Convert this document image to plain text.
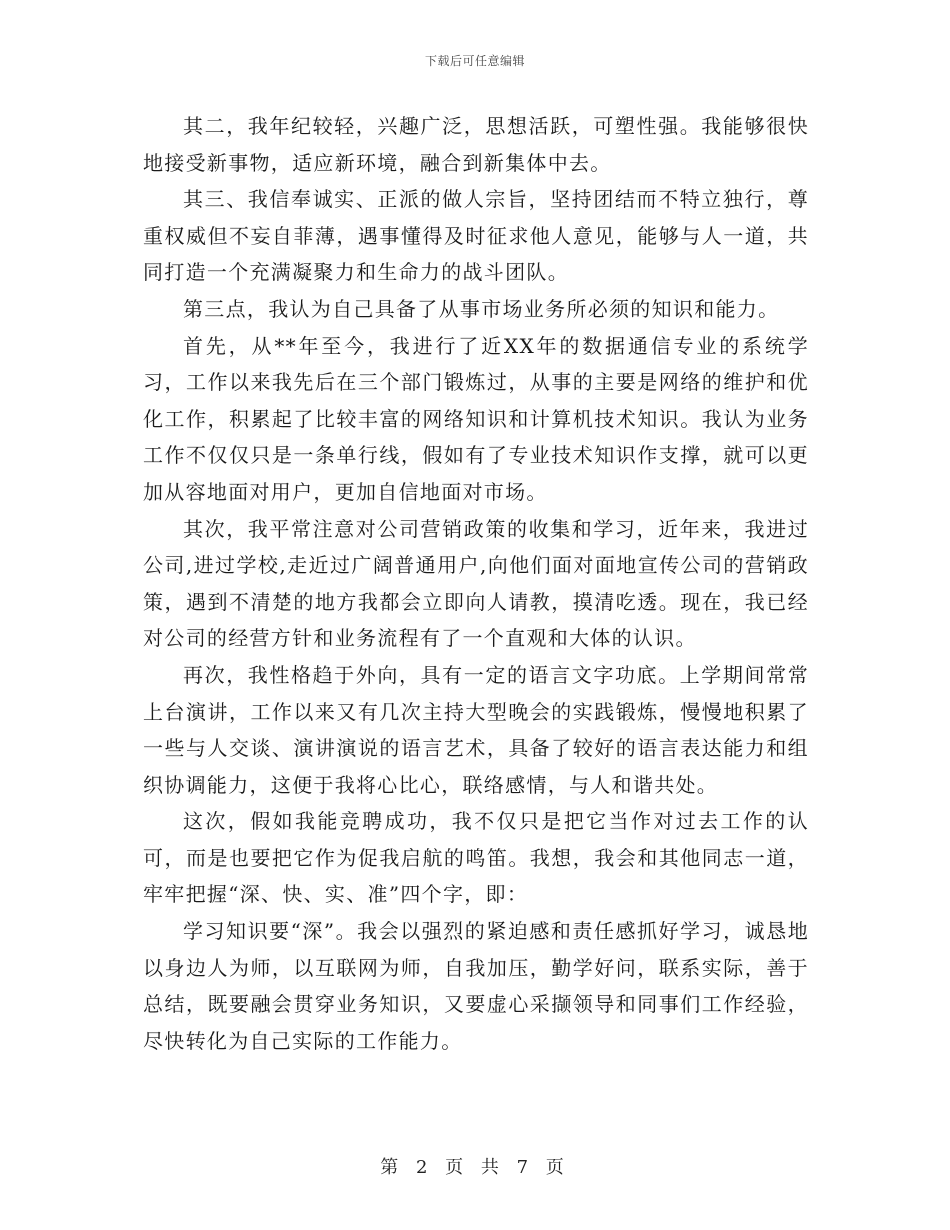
下载后可任意编辑

其二，我年纪较轻，兴趣广泛，思想活跃，可塑性强。我能够很快地接受新事物，适应新环境，融合到新集体中去。

其三、我信奉诚实、正派的做人宗旨，坚持团结而不特立独行，尊重权威但不妄自菲薄，遇事懂得及时征求他人意见，能够与人一道，共同打造一个充满凝聚力和生命力的战斗团队。

第三点，我认为自己具备了从事市场业务所必须的知识和能力。

首先，从**年至今，我进行了近XX年的数据通信专业的系统学习，工作以来我先后在三个部门锻炼过，从事的主要是网络的维护和优化工作，积累起了比较丰富的网络知识和计算机技术知识。我认为业务工作不仅仅只是一条单行线，假如有了专业技术知识作支撑，就可以更加从容地面对用户，更加自信地面对市场。

其次，我平常注意对公司营销政策的收集和学习，近年来，我进过公司,进过学校,走近过广阔普通用户,向他们面对面地宣传公司的营销政策，遇到不清楚的地方我都会立即向人请教，摸清吃透。现在，我已经对公司的经营方针和业务流程有了一个直观和大体的认识。

再次，我性格趋于外向，具有一定的语言文字功底。上学期间常常上台演讲，工作以来又有几次主持大型晚会的实践锻炼，慢慢地积累了一些与人交谈、演讲演说的语言艺术，具备了较好的语言表达能力和组织协调能力，这便于我将心比心，联络感情，与人和谐共处。

这次，假如我能竞聘成功，我不仅只是把它当作对过去工作的认可，而是也要把它作为促我启航的鸣笛。我想，我会和其他同志一道，牢牢把握“深、快、实、准”四个字，即：

学习知识要“深”。我会以强烈的紧迫感和责任感抓好学习，诚恳地以身边人为师，以互联网为师，自我加压，勤学好问，联系实际，善于总结，既要融会贯穿业务知识，又要虚心采撷领导和同事们工作经验，尽快转化为自己实际的工作能力。

第 2 页 共 7 页
